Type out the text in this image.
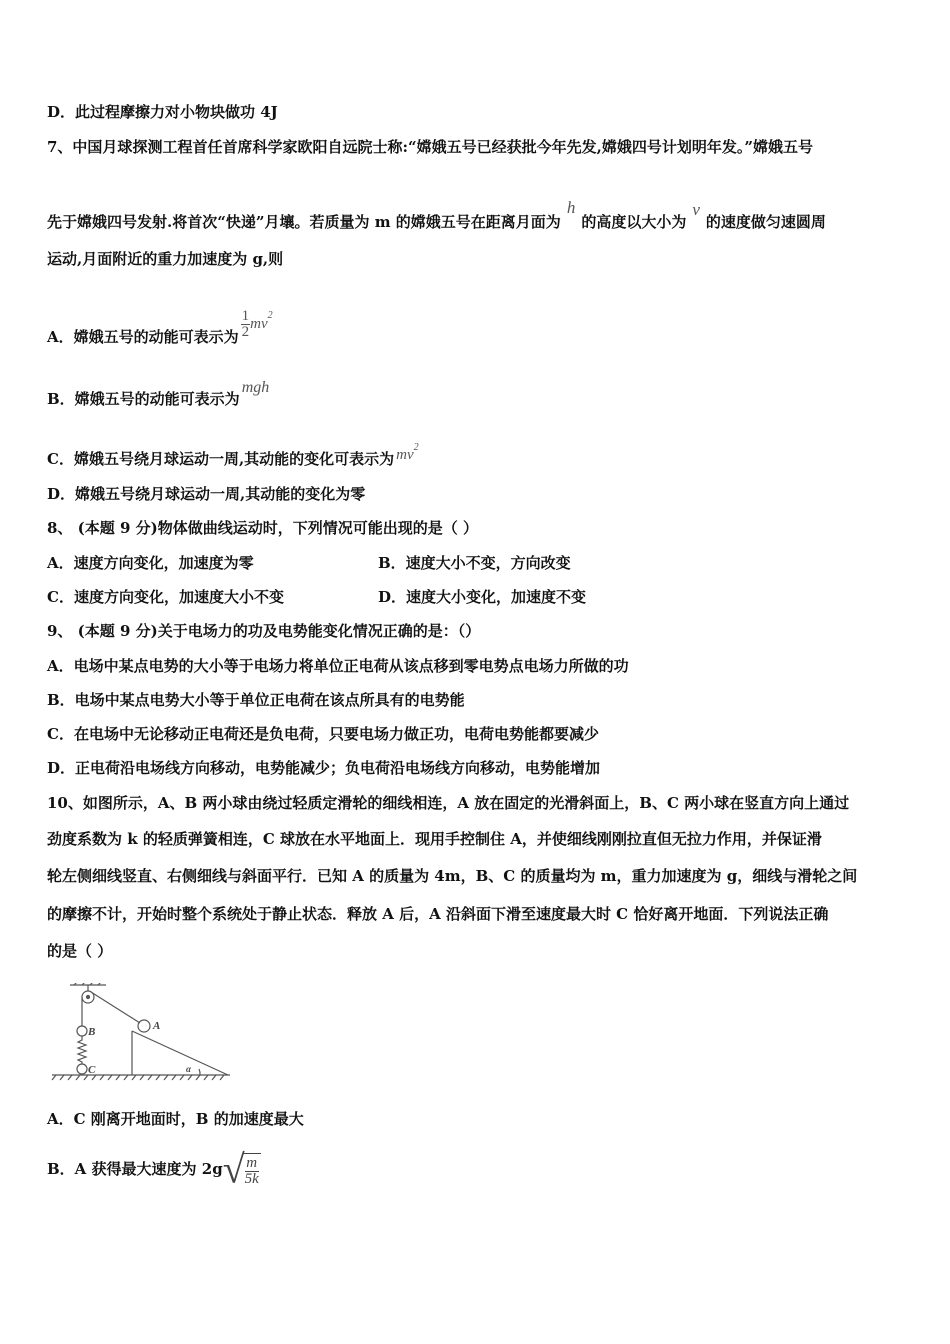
D．此过程摩擦力对小物块做功 4J
7、中国月球探测工程首任首席科学家欧阳自远院士称:“嫦娥五号已经获批今年先发,嫦娥四号计划明年发。”嫦娥五号
先于嫦娥四号发射.将首次“快递”月壤。若质量为 m 的嫦娥五号在距离月面为h的高度以大小为v的速度做匀速圆周
运动,月面附近的重力加速度为 g,则
A．嫦娥五号的动能可表示为 $\frac{1}{2} mv^2$
B．嫦娥五号的动能可表示为mgh
C．嫦娥五号绕月球运动一周,其动能的变化可表示为 $mv^2$
D．嫦娥五号绕月球运动一周,其动能的变化为零
8、 (本题 9 分)物体做曲线运动时，下列情况可能出现的是（ ）
A．速度方向变化，加速度为零	B．速度大小不变，方向改变
C．速度方向变化，加速度大小不变	D．速度大小变化，加速度不变
9、 (本题 9 分)关于电场力的功及电势能变化情况正确的是：（）
A．电场中某点电势的大小等于电场力将单位正电荷从该点移到零电势点电场力所做的功
B．电场中某点电势大小等于单位正电荷在该点所具有的电势能
C．在电场中无论移动正电荷还是负电荷，只要电场力做正功，电荷电势能都要减少
D．正电荷沿电场线方向移动，电势能减少；负电荷沿电场线方向移动，电势能增加
10、如图所示，A、B 两小球由绕过轻质定滑轮的细线相连，A 放在固定的光滑斜面上，B、C 两小球在竖直方向上通过
劲度系数为 k 的轻质弹簧相连，C 球放在水平地面上．现用手控制住 A，并使细线刚刚拉直但无拉力作用，并保证滑
轮左侧细线竖直、右侧细线与斜面平行．已知 A 的质量为 4m，B、C 的质量均为 m，重力加速度为 g，细线与滑轮之间
的摩擦不计，开始时整个系统处于静止状态．释放 A 后，A 沿斜面下滑至速度最大时 C 恰好离开地面．下列说法正确
的是（ ）
B
C
A
α
A．C 刚离开地面时，B 的加速度最大
B．A 获得最大速度为 2g√
$\frac{m}{5k}$
